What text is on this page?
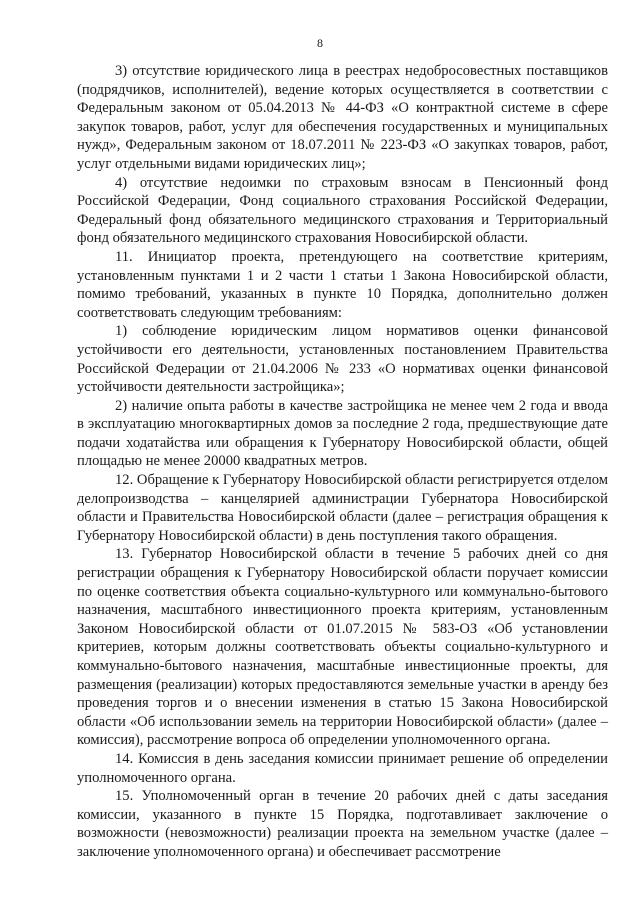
8

3) отсутствие юридического лица в реестрах недобросовестных поставщиков (подрядчиков, исполнителей), ведение которых осуществляется в соответствии с Федеральным законом от 05.04.2013 № 44-ФЗ «О контрактной системе в сфере закупок товаров, работ, услуг для обеспечения государственных и муниципальных нужд», Федеральным законом от 18.07.2011 № 223-ФЗ «О закупках товаров, работ, услуг отдельными видами юридических лиц»;

4) отсутствие недоимки по страховым взносам в Пенсионный фонд Российской Федерации, Фонд социального страхования Российской Федерации, Федеральный фонд обязательного медицинского страхования и Территориальный фонд обязательного медицинского страхования Новосибирской области.

11. Инициатор проекта, претендующего на соответствие критериям, установленным пунктами 1 и 2 части 1 статьи 1 Закона Новосибирской области, помимо требований, указанных в пункте 10 Порядка, дополнительно должен соответствовать следующим требованиям:

1) соблюдение юридическим лицом нормативов оценки финансовой устойчивости его деятельности, установленных постановлением Правительства Российской Федерации от 21.04.2006 № 233 «О нормативах оценки финансовой устойчивости деятельности застройщика»;

2) наличие опыта работы в качестве застройщика не менее чем 2 года и ввода в эксплуатацию многоквартирных домов за последние 2 года, предшествующие дате подачи ходатайства или обращения к Губернатору Новосибирской области, общей площадью не менее 20000 квадратных метров.

12. Обращение к Губернатору Новосибирской области регистрируется отделом делопроизводства – канцелярией администрации Губернатора Новосибирской области и Правительства Новосибирской области (далее – регистрация обращения к Губернатору Новосибирской области) в день поступления такого обращения.

13. Губернатор Новосибирской области в течение 5 рабочих дней со дня регистрации обращения к Губернатору Новосибирской области поручает комиссии по оценке соответствия объекта социально-культурного или коммунально-бытового назначения, масштабного инвестиционного проекта критериям, установленным Законом Новосибирской области от 01.07.2015 № 583-ОЗ «Об установлении критериев, которым должны соответствовать объекты социально-культурного и коммунально-бытового назначения, масштабные инвестиционные проекты, для размещения (реализации) которых предоставляются земельные участки в аренду без проведения торгов и о внесении изменения в статью 15 Закона Новосибирской области «Об использовании земель на территории Новосибирской области» (далее – комиссия), рассмотрение вопроса об определении уполномоченного органа.

14. Комиссия в день заседания комиссии принимает решение об определении уполномоченного органа.

15. Уполномоченный орган в течение 20 рабочих дней с даты заседания комиссии, указанного в пункте 15 Порядка, подготавливает заключение о возможности (невозможности) реализации проекта на земельном участке (далее – заключение уполномоченного органа) и обеспечивает рассмотрение
